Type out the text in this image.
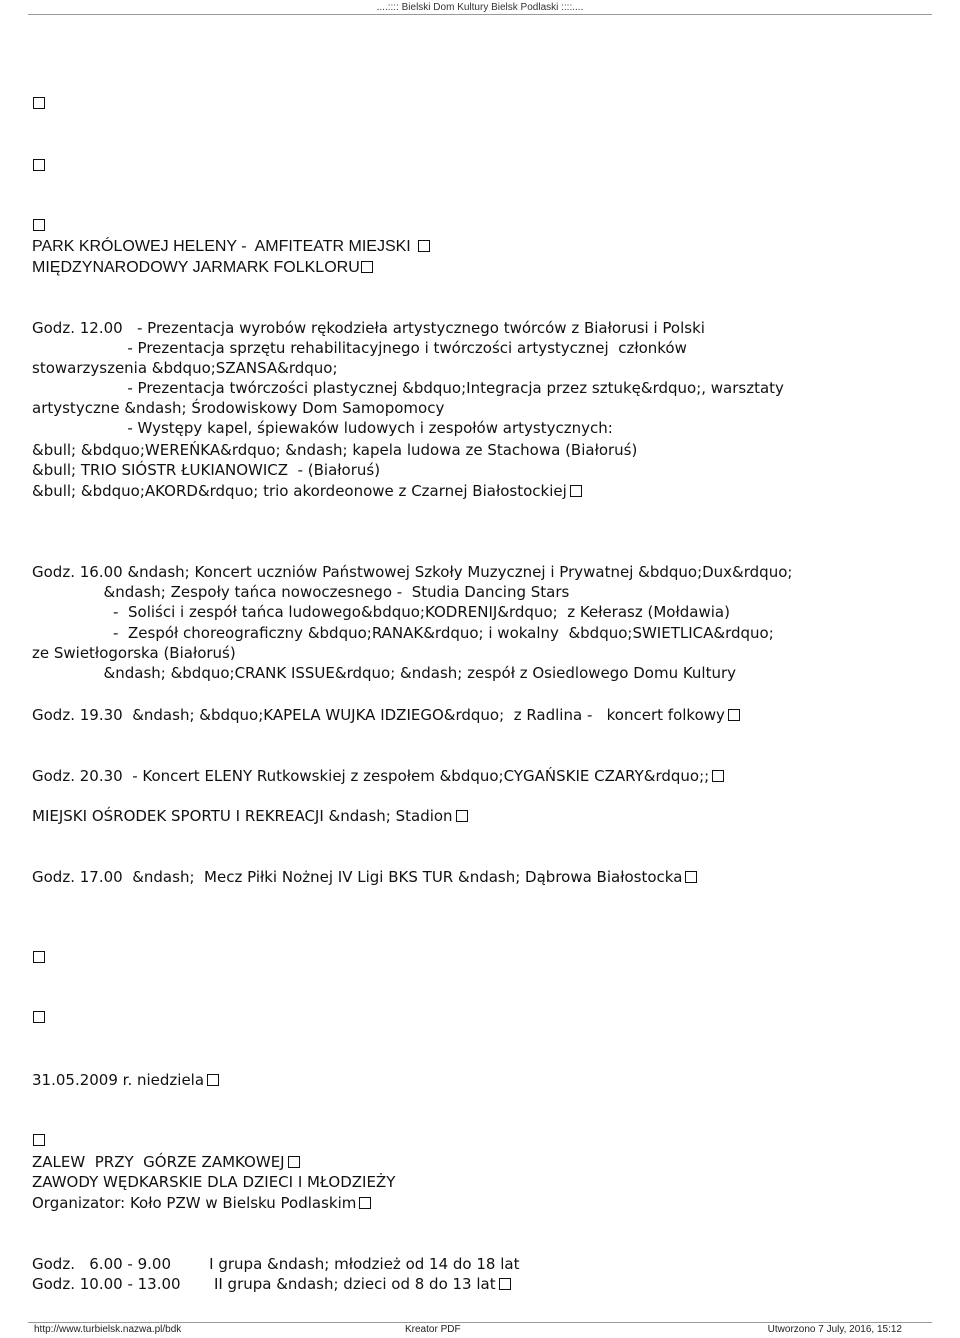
....:::: Bielski Dom Kultury Bielsk Podlaski ::::....
PARK KRÓLOWEJ HELENY -  AMFITEATR MIEJSKI
MIĘDZYNARODOWY JARMARK FOLKLORU
Godz. 12.00   - Prezentacja wyrobów rękodzieła artystycznego twórców z Białorusi i Polski
- Prezentacja sprzętu rehabilitacyjnego i twórczości artystycznej  członków
stowarzyszenia &bdquo;SZANSA&rdquo;
- Prezentacja twórczości plastycznej &bdquo;Integracja przez sztukę&rdquo;, warsztaty
artystyczne &ndash; Środowiskowy Dom Samopomocy
- Występy kapel, śpiewaków ludowych i zespołów artystycznych:
&bull; &bdquo;WEREŃKA&rdquo; &ndash; kapela ludowa ze Stachowa (Białoruś)
&bull; TRIO SIÓSTR ŁUKIANOWICZ  - (Białoruś)
&bull; &bdquo;AKORD&rdquo; trio akordeonowe z Czarnej Białostockiej
Godz. 16.00 &ndash; Koncert uczniów Państwowej Szkoły Muzycznej i Prywatnej &bdquo;Dux&rdquo;
&ndash; Zespoły tańca nowoczesnego -  Studia Dancing Stars
-  Soliści i zespół tańca ludowego&bdquo;KODRENIJ&rdquo;  z Kełerasz (Mołdawia)
-  Zespół choreograficzny &bdquo;RANAK&rdquo; i wokalny  &bdquo;SWIETLICA&rdquo;
ze Swietłogorska (Białoruś)
&ndash; &bdquo;CRANK ISSUE&rdquo; &ndash; zespół z Osiedlowego Domu Kultury
Godz. 19.30  &ndash; &bdquo;KAPELA WUJKA IDZIEGO&rdquo;  z Radlina -   koncert folkowy
Godz. 20.30  - Koncert ELENY Rutkowskiej z zespołem &bdquo;CYGAŃSKIE CZARY&rdquo;;
MIEJSKI OŚRODEK SPORTU I REKREACJI &ndash; Stadion
Godz. 17.00  &ndash;  Mecz Piłki Nożnej IV Ligi BKS TUR &ndash; Dąbrowa Białostocka
31.05.2009 r. niedziela
ZALEW  PRZY  GÓRZE ZAMKOWEJ
ZAWODY WĘDKARSKIE DLA DZIECI I MŁODZIEŻY
Organizator: Koło PZW w Bielsku Podlaskim
Godz.   6.00 - 9.00        I grupa &ndash; młodzież od 14 do 18 lat
Godz. 10.00 - 13.00       II grupa &ndash; dzieci od 8 do 13 lat
http://www.turbielsk.nazwa.pl/bdk	Kreator PDF	Utworzono 7 July, 2016, 15:12
